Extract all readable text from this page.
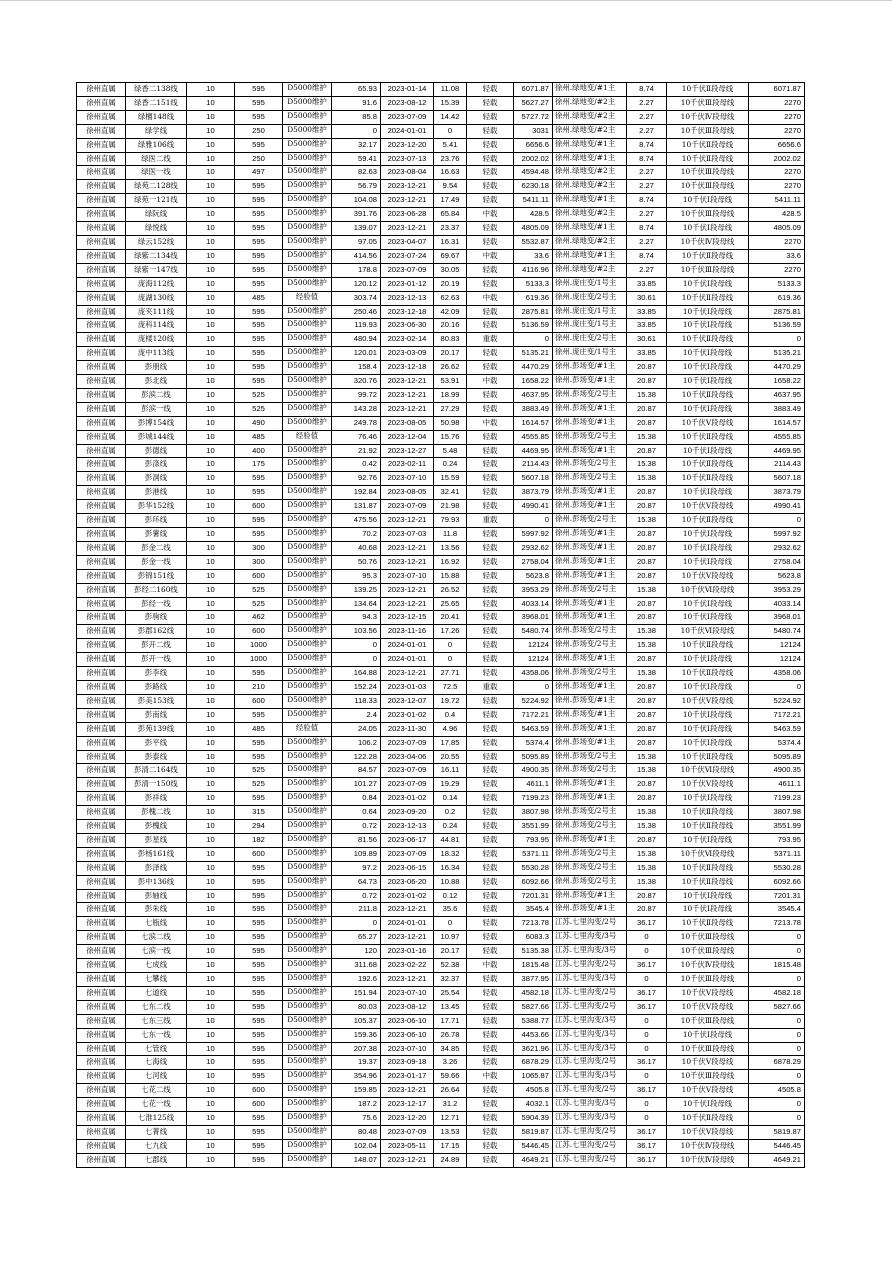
徐州直属	绿香二138线	10	595	D5000维护	65.93	2023-01-14	11.08	轻载	6071.87	徐州.绿地变/#1主	8.74	10千伏Ⅱ段母线	6071.87
徐州直属	绿香二151线	10	595	D5000维护	91.6	2023-08-12	15.39	轻载	5627.27	徐州.绿地变/#2主	2.27	10千伏Ⅲ段母线	2270
徐州直属	绿檀148线	10	595	D5000维护	85.8	2023-07-09	14.42	轻载	5727.72	徐州.绿地变/#2主	2.27	10千伏Ⅳ段母线	2270
徐州直属	绿学线	10	250	D5000维护	0	2024-01-01	0	轻载	3031	徐州.绿地变/#2主	2.27	10千伏Ⅲ段母线	2270
徐州直属	绿雅106线	10	595	D5000维护	32.17	2023-12-20	5.41	轻载	6656.6	徐州.绿地变/#1主	8.74	10千伏Ⅱ段母线	6656.6
徐州直属	绿医二线	10	250	D5000维护	59.41	2023-07-13	23.76	轻载	2002.02	徐州.绿地变/#1主	8.74	10千伏Ⅱ段母线	2002.02
徐州直属	绿医一线	10	497	D5000维护	82.63	2023-08-04	16.63	轻载	4594.48	徐州.绿地变/#2主	2.27	10千伏Ⅲ段母线	2270
徐州直属	绿苑二128线	10	595	D5000维护	56.79	2023-12-21	9.54	轻载	6230.18	徐州.绿地变/#2主	2.27	10千伏Ⅲ段母线	2270
徐州直属	绿苑一121线	10	595	D5000维护	104.08	2023-12-21	17.49	轻载	5411.11	徐州.绿地变/#1主	8.74	10千伏Ⅰ段母线	5411.11
徐州直属	绿阮线	10	595	D5000维护	391.76	2023-06-28	65.84	中载	428.5	徐州.绿地变/#2主	2.27	10千伏Ⅲ段母线	428.5
徐州直属	绿悦线	10	595	D5000维护	139.07	2023-12-21	23.37	轻载	4805.09	徐州.绿地变/#1主	8.74	10千伏Ⅰ段母线	4805.09
徐州直属	绿云152线	10	595	D5000维护	97.05	2023-04-07	16.31	轻载	5532.87	徐州.绿地变/#2主	2.27	10千伏Ⅳ段母线	2270
徐州直属	绿紫二134线	10	595	D5000维护	414.56	2023-07-24	69.67	中载	33.6	徐州.绿地变/#1主	8.74	10千伏Ⅱ段母线	33.6
徐州直属	绿紫一147线	10	595	D5000维护	178.8	2023-07-09	30.05	轻载	4116.96	徐州.绿地变/#2主	2.27	10千伏Ⅲ段母线	2270
徐州直属	庞海112线	10	595	D5000维护	120.12	2023-01-12	20.19	轻载	5133.3	徐州.庞庄变/1号主	33.85	10千伏Ⅰ段母线	5133.3
徐州直属	庞湖130线	10	485	经验值	303.74	2023-12-13	62.63	中载	619.36	徐州.庞庄变/2号主	30.61	10千伏Ⅱ段母线	619.36
徐州直属	庞夹111线	10	595	D5000维护	250.46	2023-12-18	42.09	轻载	2875.81	徐州.庞庄变/1号主	33.85	10千伏Ⅰ段母线	2875.81
徐州直属	庞科114线	10	595	D5000维护	119.93	2023-06-30	20.16	轻载	5136.59	徐州.庞庄变/1号主	33.85	10千伏Ⅰ段母线	5136.59
徐州直属	庞楼120线	10	595	D5000维护	480.94	2023-02-14	80.83	重载	0	徐州.庞庄变/2号主	30.61	10千伏Ⅱ段母线	0
徐州直属	庞中113线	10	595	D5000维护	120.01	2023-03-09	20.17	轻载	5135.21	徐州.庞庄变/1号主	33.85	10千伏Ⅰ段母线	5135.21
徐州直属	彭朋线	10	595	D5000维护	158.4	2023-12-18	26.62	轻载	4470.29	徐州.彭场变/#1主	20.87	10千伏Ⅰ段母线	4470.29
徐州直属	彭北线	10	595	D5000维护	320.76	2023-12-21	53.91	中载	1658.22	徐州.彭场变/#1主	20.87	10千伏Ⅰ段母线	1658.22
徐州直属	彭滨二线	10	525	D5000维护	99.72	2023-12-21	18.99	轻载	4637.95	徐州.彭场变/2号主	15.38	10千伏Ⅱ段母线	4637.95
徐州直属	彭滨一线	10	525	D5000维护	143.28	2023-12-21	27.29	轻载	3883.49	徐州.彭场变/#1主	20.87	10千伏Ⅰ段母线	3883.49
徐州直属	彭博154线	10	490	D5000维护	249.78	2023-08-05	50.98	中载	1614.57	徐州.彭场变/#1主	20.87	10千伏Ⅴ段母线	1614.57
徐州直属	彭城144线	10	485	经验值	76.46	2023-12-04	15.76	轻载	4555.85	徐州.彭场变/2号主	15.38	10千伏Ⅱ段母线	4555.85
徐州直属	彭德线	10	400	D5000维护	21.92	2023-12-27	5.48	轻载	4469.95	徐州.彭场变/#1主	20.87	10千伏Ⅰ段母线	4469.95
徐州直属	彭涤线	10	175	D5000维护	0.42	2023-02-11	0.24	轻载	2114.43	徐州.彭场变/2号主	15.38	10千伏Ⅱ段母线	2114.43
徐州直属	彭洞线	10	595	D5000维护	92.76	2023-07-10	15.59	轻载	5607.18	徐州.彭场变/2号主	15.38	10千伏Ⅱ段母线	5607.18
徐州直属	彭港线	10	595	D5000维护	192.84	2023-08-05	32.41	轻载	3873.79	徐州.彭场变/#1主	20.87	10千伏Ⅰ段母线	3873.79
徐州直属	彭华152线	10	600	D5000维护	131.87	2023-07-09	21.98	轻载	4990.41	徐州.彭场变/#1主	20.87	10千伏Ⅴ段母线	4990.41
徐州直属	彭环线	10	595	D5000维护	475.56	2023-12-21	79.93	重载	0	徐州.彭场变/2号主	15.38	10千伏Ⅱ段母线	0
徐州直属	彭薯线	10	595	D5000维护	70.2	2023-07-03	11.8	轻载	5997.92	徐州.彭场变/#1主	20.87	10千伏Ⅰ段母线	5997.92
徐州直属	彭金二线	10	300	D5000维护	40.68	2023-12-21	13.56	轻载	2932.62	徐州.彭场变/#1主	20.87	10千伏Ⅰ段母线	2932.62
徐州直属	彭金一线	10	300	D5000维护	50.76	2023-12-21	16.92	轻载	2758.04	徐州.彭场变/#1主	20.87	10千伏Ⅰ段母线	2758.04
徐州直属	彭锦151线	10	600	D5000维护	95.3	2023-07-10	15.88	轻载	5623.8	徐州.彭场变/#1主	20.87	10千伏Ⅴ段母线	5623.8
徐州直属	彭经二160线	10	525	D5000维护	139.25	2023-12-21	26.52	轻载	3953.29	徐州.彭场变/2号主	15.38	10千伏Ⅵ段母线	3953.29
徐州直属	彭经一线	10	525	D5000维护	134.64	2023-12-21	25.65	轻载	4033.14	徐州.彭场变/#1主	20.87	10千伏Ⅰ段母线	4033.14
徐州直属	彭驹线	10	462	D5000维护	94.3	2023-12-15	20.41	轻载	3968.01	徐州.彭场变/#1主	20.87	10千伏Ⅰ段母线	3968.01
徐州直属	彭郡162线	10	600	D5000维护	103.56	2023-11-16	17.26	轻载	5480.74	徐州.彭场变/2号主	15.38	10千伏Ⅵ段母线	5480.74
徐州直属	彭开二线	10	1000	D5000维护	0	2024-01-01	0	轻载	12124	徐州.彭场变/2号主	15.38	10千伏Ⅱ段母线	12124
徐州直属	彭开一线	10	1000	D5000维护	0	2024-01-01	0	轻载	12124	徐州.彭场变/#1主	20.87	10千伏Ⅰ段母线	12124
徐州直属	彭李线	10	595	D5000维护	164.88	2023-12-21	27.71	轻载	4358.06	徐州.彭场变/2号主	15.38	10千伏Ⅱ段母线	4358.06
徐州直属	彭路线	10	210	D5000维护	152.24	2023-01-03	72.5	重载	0	徐州.彭场变/#1主	20.87	10千伏Ⅰ段母线	0
徐州直属	彭美153线	10	600	D5000维护	118.33	2023-12-07	19.72	轻载	5224.92	徐州.彭场变/#1主	20.87	10千伏Ⅴ段母线	5224.92
徐州直属	彭南线	10	595	D5000维护	2.4	2023-01-02	0.4	轻载	7172.21	徐州.彭场变/#1主	20.87	10千伏Ⅰ段母线	7172.21
徐州直属	彭苑139线	10	485	经验值	24.05	2023-11-30	4.96	轻载	5463.59	徐州.彭场变/#1主	20.87	10千伏Ⅰ段母线	5463.59
徐州直属	彭平线	10	595	D5000维护	106.2	2023-07-09	17.85	轻载	5374.4	徐州.彭场变/#1主	20.87	10千伏Ⅰ段母线	5374.4
徐州直属	彭泰线	10	595	D5000维护	122.28	2023-04-06	20.55	轻载	5095.89	徐州.彭场变/2号主	15.38	10千伏Ⅱ段母线	5095.89
徐州直属	彭清二164线	10	525	D5000维护	84.57	2023-07-09	16.11	轻载	4900.35	徐州.彭场变/2号主	15.38	10千伏Ⅵ段母线	4900.35
徐州直属	彭清一150线	10	525	D5000维护	101.27	2023-07-09	19.29	轻载	4611.1	徐州.彭场变/#1主	20.87	10千伏Ⅴ段母线	4611.1
徐州直属	彭祥线	10	595	D5000维护	0.84	2023-01-02	0.14	轻载	7199.23	徐州.彭场变/#1主	20.87	10千伏Ⅰ段母线	7199.23
徐州直属	彭槐二线	10	315	D5000维护	0.64	2023-09-20	0.2	轻载	3807.98	徐州.彭场变/2号主	15.38	10千伏Ⅱ段母线	3807.98
徐州直属	彭槐线	10	294	D5000维护	0.72	2023-12-13	0.24	轻载	3551.99	徐州.彭场变/2号主	15.38	10千伏Ⅱ段母线	3551.99
徐州直属	彭星线	10	182	D5000维护	81.56	2023-06-17	44.81	轻载	793.95	徐州.彭场变/#1主	20.87	10千伏Ⅰ段母线	793.95
徐州直属	彭杨161线	10	600	D5000维护	109.89	2023-07-09	18.32	轻载	5371.11	徐州.彭场变/2号主	15.38	10千伏Ⅵ段母线	5371.11
徐州直属	彭泽线	10	595	D5000维护	97.2	2023-06-15	16.34	轻载	5530.28	徐州.彭场变/2号主	15.38	10千伏Ⅱ段母线	5530.28
徐州直属	彭中136线	10	595	D5000维护	64.73	2023-06-20	10.88	轻载	6092.66	徐州.彭场变/2号主	15.38	10千伏Ⅱ段母线	6092.66
徐州直属	彭轴线	10	595	D5000维护	0.72	2023-01-02	0.12	轻载	7201.31	徐州.彭场变/#1主	20.87	10千伏Ⅰ段母线	7201.31
徐州直属	彭朱线	10	595	D5000维护	211.8	2023-12-21	35.6	轻载	3545.4	徐州.彭场变/#1主	20.87	10千伏Ⅰ段母线	3545.4
徐州直属	七瓶线	10	595	D5000维护	0	2024-01-01	0	轻载	7213.78	江苏.七里沟变/2号	36.17	10千伏Ⅱ段母线	7213.78
徐州直属	七滨二线	10	595	D5000维护	65.27	2023-12-21	10.97	轻载	6083.3	江苏.七里沟变/3号	0	10千伏Ⅲ段母线	0
徐州直属	七滨一线	10	595	D5000维护	120	2023-01-16	20.17	轻载	5135.38	江苏.七里沟变/3号	0	10千伏Ⅲ段母线	0
徐州直属	七成线	10	595	D5000维护	311.68	2023-02-22	52.38	中载	1815.48	江苏.七里沟变/2号	36.17	10千伏Ⅳ段母线	1815.48
徐州直属	七攀线	10	595	D5000维护	192.6	2023-12-21	32.37	轻载	3877.95	江苏.七里沟变/3号	0	10千伏Ⅲ段母线	0
徐州直属	七道线	10	595	D5000维护	151.94	2023-07-10	25.54	轻载	4582.18	江苏.七里沟变/2号	36.17	10千伏Ⅴ段母线	4582.18
徐州直属	七东二线	10	595	D5000维护	80.03	2023-08-12	13.45	轻载	5827.66	江苏.七里沟变/2号	36.17	10千伏Ⅴ段母线	5827.66
徐州直属	七东三线	10	595	D5000维护	105.37	2023-06-10	17.71	轻载	5388.77	江苏.七里沟变/3号	0	10千伏Ⅲ段母线	0
徐州直属	七东一线	10	595	D5000维护	159.36	2023-06-10	26.78	轻载	4453.66	江苏.七里沟变/3号	0	10千伏Ⅰ段母线	0
徐州直属	七管线	10	595	D5000维护	207.38	2023-07-10	34.85	轻载	3621.96	江苏.七里沟变/3号	0	10千伏Ⅲ段母线	0
徐州直属	七海线	10	595	D5000维护	19.37	2023-09-18	3.26	轻载	6878.29	江苏.七里沟变/2号	36.17	10千伏Ⅴ段母线	6878.29
徐州直属	七河线	10	595	D5000维护	354.96	2023-01-17	59.66	中载	1065.87	江苏.七里沟变/3号	0	10千伏Ⅲ段母线	0
徐州直属	七花二线	10	600	D5000维护	159.85	2023-12-21	26.64	轻载	4505.8	江苏.七里沟变/2号	36.17	10千伏Ⅴ段母线	4505.8
徐州直属	七花一线	10	600	D5000维护	187.2	2023-12-17	31.2	轻载	4032.1	江苏.七里沟变/3号	0	10千伏Ⅰ段母线	0
徐州直属	七淮125线	10	595	D5000维护	75.6	2023-12-20	12.71	轻载	5904.39	江苏.七里沟变/3号	0	10千伏Ⅱ段母线	0
徐州直属	七菁线	10	595	D5000维护	80.48	2023-07-09	13.53	轻载	5819.87	江苏.七里沟变/2号	36.17	10千伏Ⅴ段母线	5819.87
徐州直属	七九线	10	595	D5000维护	102.04	2023-05-11	17.15	轻载	5446.45	江苏.七里沟变/2号	36.17	10千伏Ⅳ段母线	5446.45
徐州直属	七郡线	10	595	D5000维护	148.07	2023-12-21	24.89	轻载	4649.21	江苏.七里沟变/2号	36.17	10千伏Ⅳ段母线	4649.21
